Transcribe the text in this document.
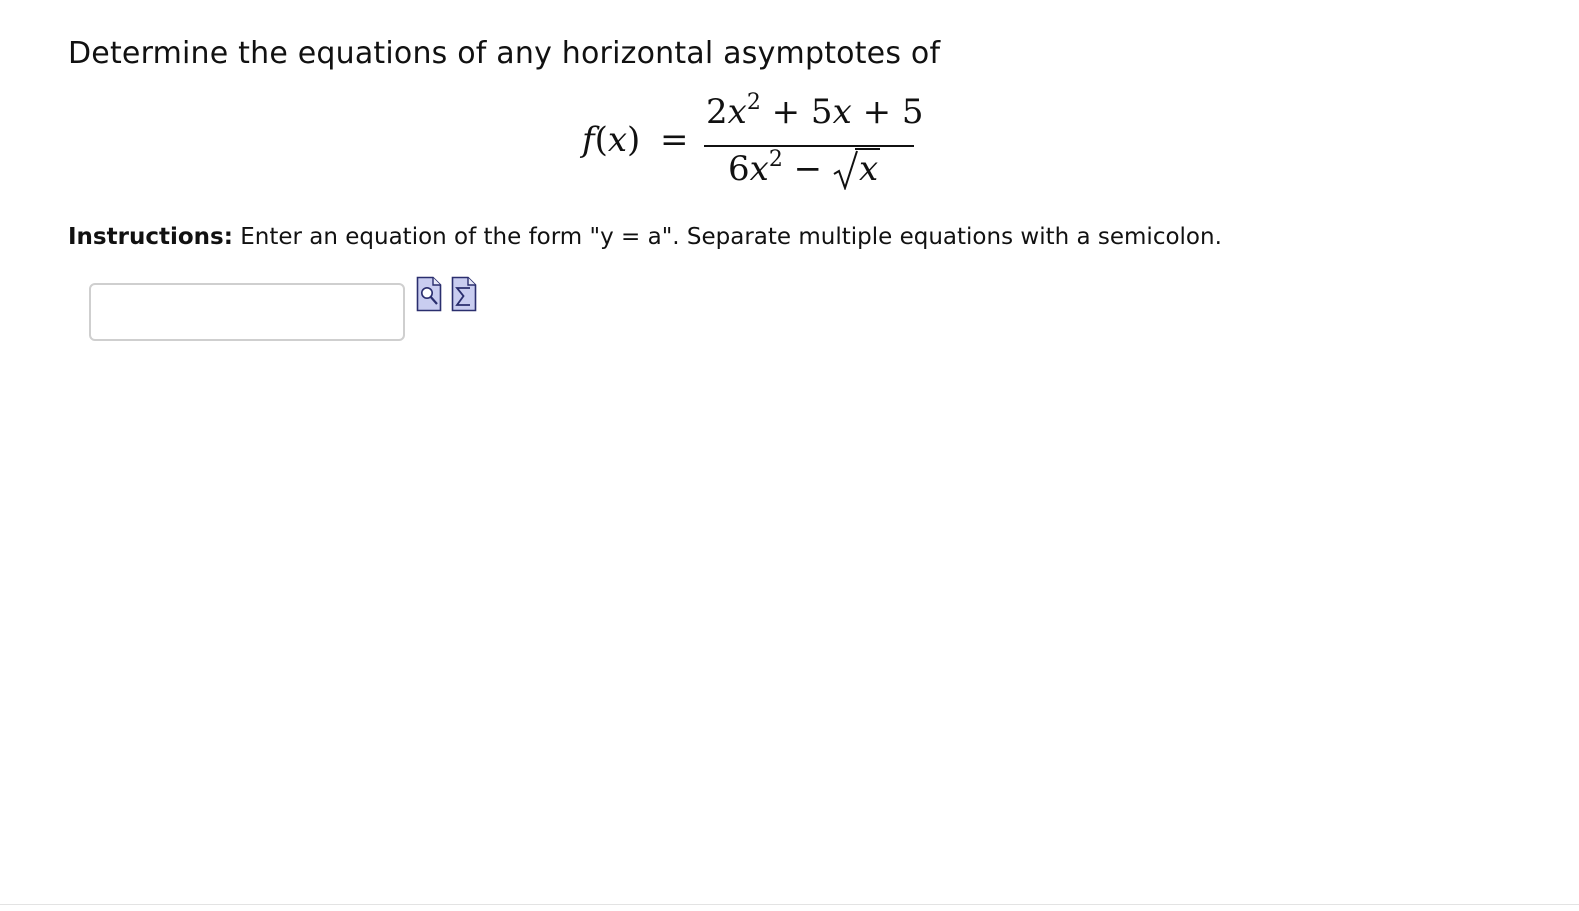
Determine the equations of any horizontal asymptotes of
f(x) =
$2x^2 + 5x + 5$
$6x^2$ −
x
Instructions: Enter an equation of the form "y = a". Separate multiple equations with a semicolon.
